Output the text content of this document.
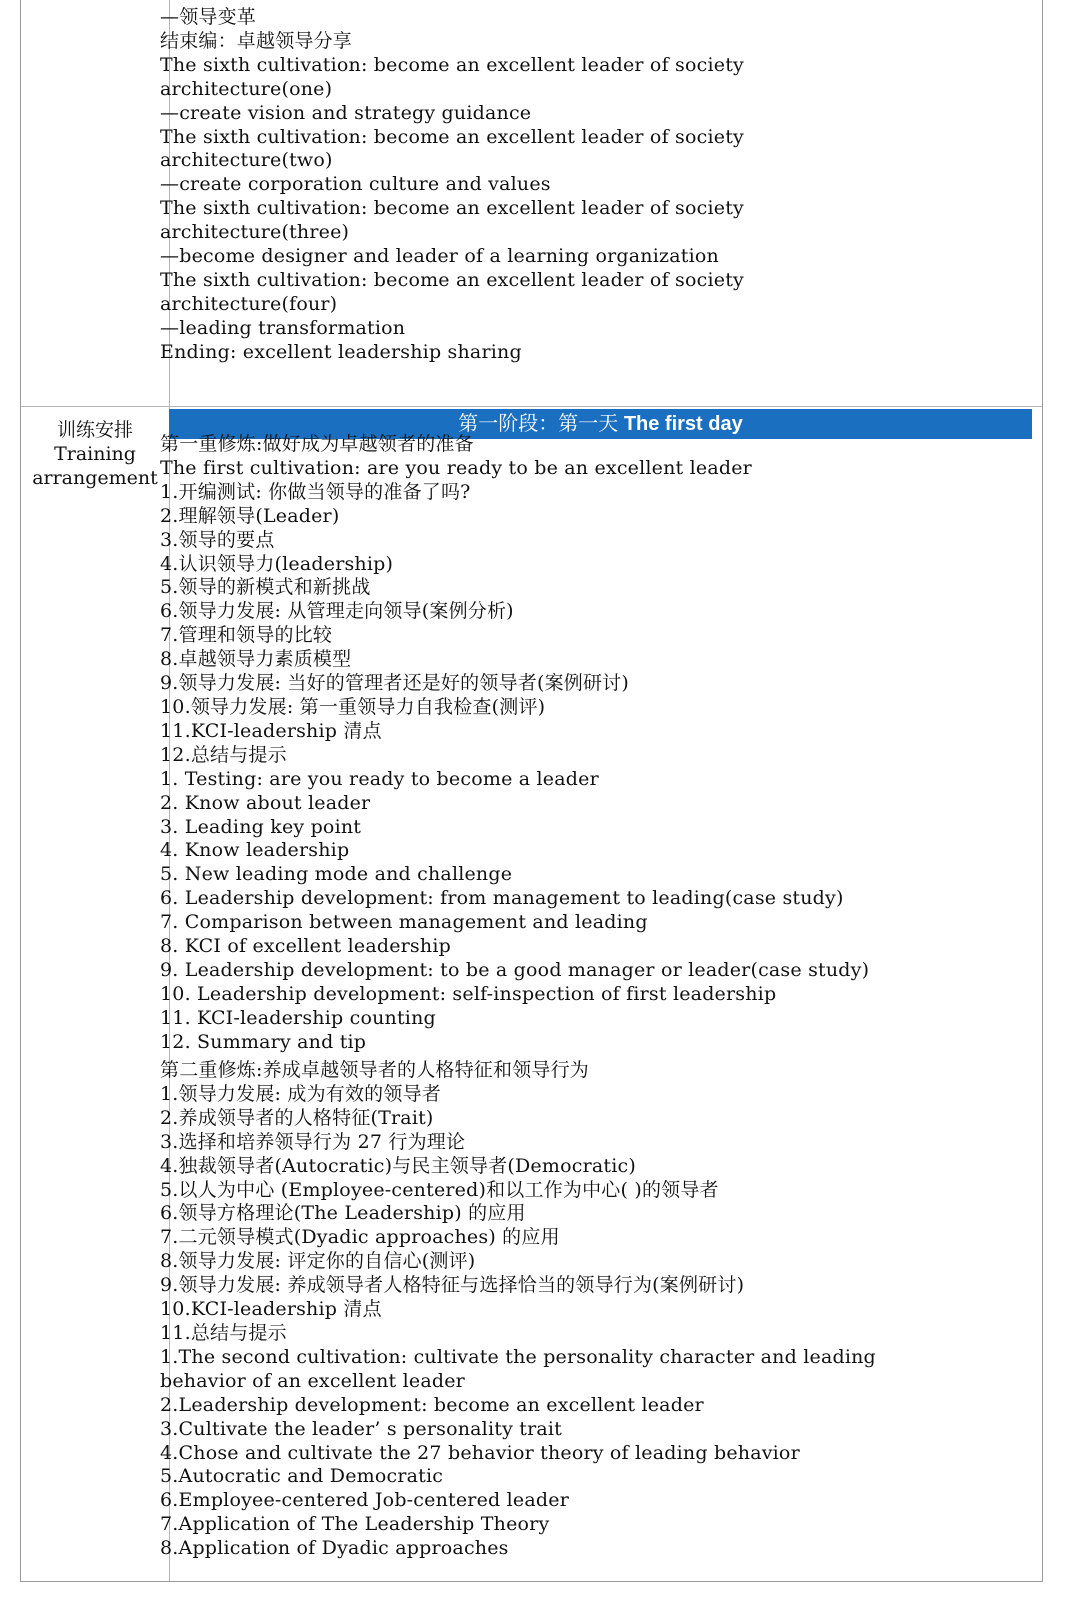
训练安排
Training
arrangement
第一阶段：第一天 The first day
—领导变革
结束编：卓越领导分享
The sixth cultivation: become an excellent leader of society
architecture(one)
—create vision and strategy guidance
The sixth cultivation: become an excellent leader of society
architecture(two)
—create corporation culture and values
The sixth cultivation: become an excellent leader of society
architecture(three)
—become designer and leader of a learning organization
The sixth cultivation: become an excellent leader of society
architecture(four)
—leading transformation
Ending: excellent leadership sharing
第一重修炼:做好成为卓越领者的准备
The first cultivation: are you ready to be an excellent leader
1.开编测试: 你做当领导的准备了吗?
2.理解领导(Leader)
3.领导的要点
4.认识领导力(leadership)
5.领导的新模式和新挑战
6.领导力发展: 从管理走向领导(案例分析)
7.管理和领导的比较
8.卓越领导力素质模型
9.领导力发展: 当好的管理者还是好的领导者(案例研讨)
10.领导力发展: 第一重领导力自我检查(测评)
11.KCI-leadership 清点
12.总结与提示
1. Testing: are you ready to become a leader
2. Know about leader
3. Leading key point
4. Know leadership
5. New leading mode and challenge
6. Leadership development: from management to leading(case study)
7. Comparison between management and leading
8. KCI of excellent leadership
9. Leadership development: to be a good manager or leader(case study)
10. Leadership development: self-inspection of first leadership
11. KCI-leadership counting
12. Summary and tip
第二重修炼:养成卓越领导者的人格特征和领导行为
1.领导力发展: 成为有效的领导者
2.养成领导者的人格特征(Trait)
3.选择和培养领导行为 27 行为理论
4.独裁领导者(Autocratic)与民主领导者(Democratic)
5.以人为中心 (Employee-centered)和以工作为中心( )的领导者
6.领导方格理论(The Leadership) 的应用
7.二元领导模式(Dyadic approaches) 的应用
8.领导力发展: 评定你的自信心(测评)
9.领导力发展: 养成领导者人格特征与选择恰当的领导行为(案例研讨)
10.KCI-leadership 清点
11.总结与提示
1.The second cultivation: cultivate the personality character and leading
behavior of an excellent leader
2.Leadership development: become an excellent leader
3.Cultivate the leader’ s personality trait
4.Chose and cultivate the 27 behavior theory of leading behavior
5.Autocratic and Democratic
6.Employee-centered Job-centered leader
7.Application of The Leadership Theory
8.Application of Dyadic approaches
